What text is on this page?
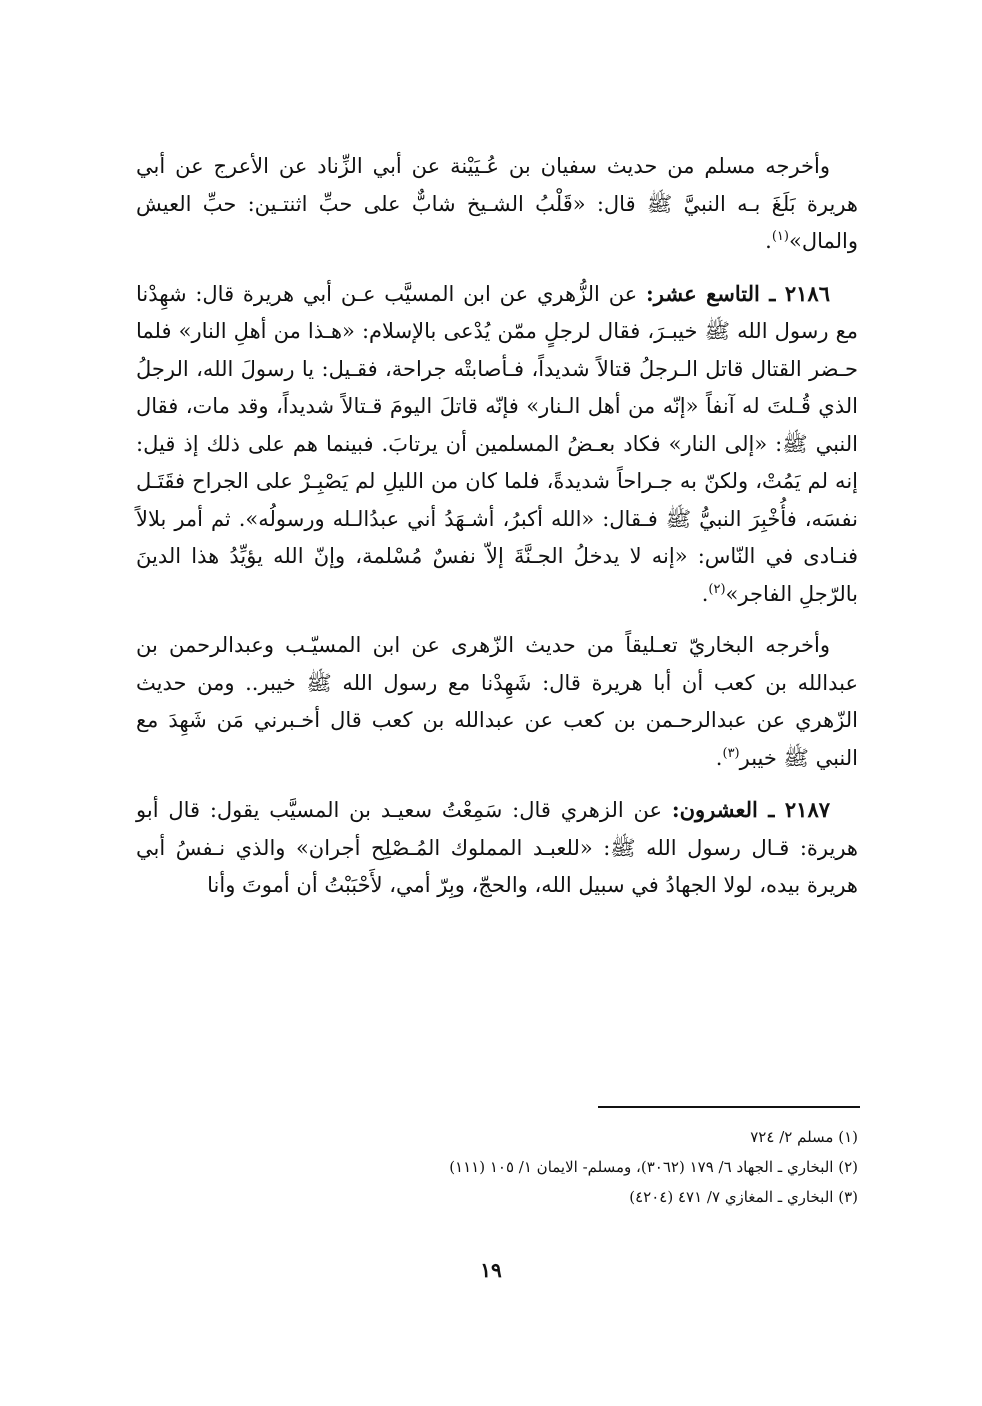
وأخرجه مسلم من حديث سفيان بن عُـيَيْنة عن أبي الزِّناد عن الأعرج عن أبي هريرة بَلَغَ بـه النبيَّ ﷺ قال: «قَلْبُ الشـيخ شابٌّ على حبِّ اثنتـين: حبِّ العيش والمال»$^{(١)}$.

٢١٨٦ ـ التاسع عشر: عن الزُّهري عن ابن المسيَّب عـن أبي هريرة قال: شهِدْنا مع رسول الله ﷺ خيبـرَ، فقال لرجلٍ ممّن يُدْعى بالإسلام: «هـذا من أهلِ النار» فلما حـضر القتال قاتل الـرجلُ قتالاً شديداً، فـأصابتْه جراحة، فقـيل: يا رسولَ الله، الرجلُ الذي قُـلتَ له آنفاً «إنّه من أهل الـنار» فإنّه قاتلَ اليومَ قـتالاً شديداً، وقد مات، فقال النبي ﷺ: «إلى النار» فكاد بعـضُ المسلمين أن يرتابَ. فبينما هم على ذلك إذ قيل: إنه لم يَمُتْ، ولكنّ به جـراحاً شديدةً، فلما كان من الليلِ لم يَصْبِـرْ على الجراح فقَتَـل نفسَه، فأُخْبِرَ النبيُّ ﷺ فـقال: «الله أكبرُ، أشـهَدُ أني عبدُالـله ورسولُه». ثم أمر بلالاً فنـادى في النّاس: «إنه لا يدخلُ الجـنَّةَ إلاّ نفسٌ مُسْلمة، وإنّ الله يؤيِّدُ هذا الدينَ بالرّجلِ الفاجر»$^{(٢)}$.

وأخرجه البخاريّ تعـليقاً من حديث الزّهرى عن ابن المسيّـب وعبدالرحمن بن عبدالله بن كعب أن أبا هريرة قال: شَهِدْنا مع رسول الله ﷺ خيبر.. ومن حديث الزّهري عن عبدالرحـمن بن كعب عن عبدالله بن كعب قال أخـبرني مَن شَهِدَ مع النبي ﷺ خيبر$^{(٣)}$.

٢١٨٧ ـ العشرون: عن الزهري قال: سَمِعْتُ سعيـد بن المسيَّب يقول: قال أبو هريرة: قـال رسول الله ﷺ: «للعبـد المملوك المُـصْلِح أجران» والذي نـفسُ أبي هريرة بيده، لولا الجهادُ في سبيل الله، والحجّ، وبِرّ أمي، لأَحْبَبْتُ أن أموتَ وأنا

(١) مسلم ٢/ ٧٢٤

(٢) البخاري ـ الجهاد ٦/ ١٧٩ (٣٠٦٢)، ومسلم- الايمان ١/ ١٠٥ (١١١)

(٣) البخاري ـ المغازي ٧/ ٤٧١ (٤٢٠٤)

١٩
